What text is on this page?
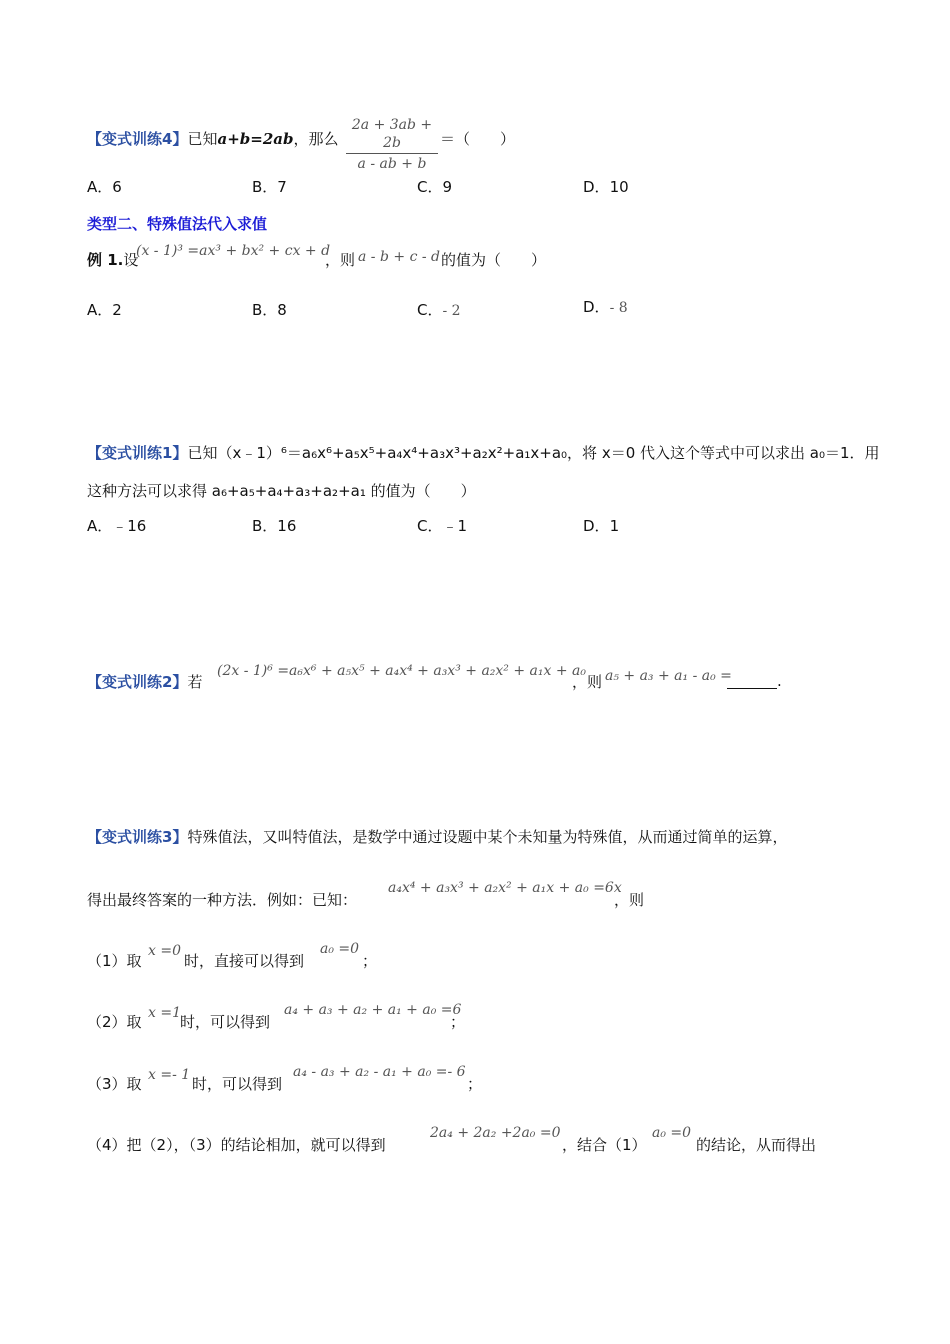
【变式训练4】已知a+b=2ab，那么
2a + 3ab + 2b
a - ab + b
＝（　　）
A．6	B．7	C．9	D．10
类型二、特殊值法代入求值
例 1.设
(x - 1)³ =ax³ + bx² + cx + d
，则 a - b + c - d 的值为（　　）
A．2	B．8	C．- 2	D．- 8
【变式训练1】已知（x﹣1）⁶＝a₆x⁶+a₅x⁵+a₄x⁴+a₃x³+a₂x²+a₁x+a₀，将 x＝0 代入这个等式中可以求出 a₀＝1．用
这种方法可以求得 a₆+a₅+a₄+a₃+a₂+a₁ 的值为（　　）
A．﹣16	B．16	C．﹣1	D．1
【变式训练2】若
(2x - 1)⁶ =a₆x⁶ + a₅x⁵ + a₄x⁴ + a₃x³ + a₂x² + a₁x + a₀
，则 a₅ + a₃ + a₁ - a₀ =	.
【变式训练3】特殊值法，又叫特值法，是数学中通过设题中某个未知量为特殊值，从而通过简单的运算，
得出最终答案的一种方法．例如：已知：
a₄x⁴ + a₃x³ + a₂x² + a₁x + a₀ =6x
，则
（1）取
x =0
时，直接可以得到
a₀ =0
；
（2）取 x =1 时，可以得到
a₄ + a₃ + a₂ + a₁ + a₀ =6
；
（3）取 x =- 1 时，可以得到
a₄ - a₃ + a₂ - a₁ + a₀ =- 6
；
（4）把（2），（3）的结论相加，就可以得到
2a₄ + 2a₂ +2a₀ =0
，结合（1）
a₀ =0
的结论，从而得出
